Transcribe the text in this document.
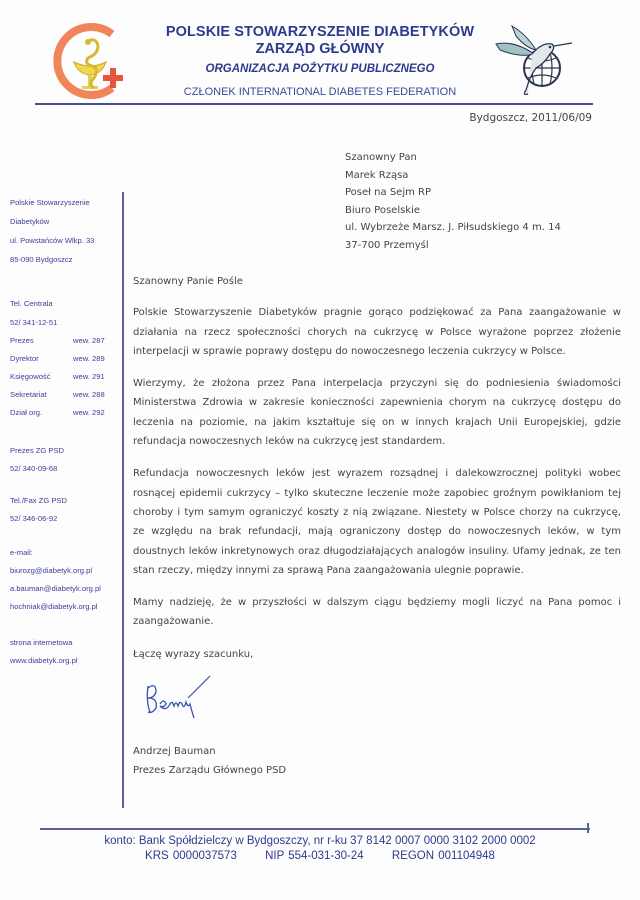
POLSKIE STOWARZYSZENIE DIABETYKÓW
ZARZĄD GŁÓWNY
ORGANIZACJA POŻYTKU PUBLICZNEGO
CZŁONEK INTERNATIONAL DIABETES FEDERATION
Bydgoszcz, 2011/06/09
Szanowny Pan
Marek Rząsa
Poseł na Sejm RP
Biuro Poselskie
ul. Wybrzeże Marsz. J. Piłsudskiego 4 m. 14
37-700 Przemyśl
Polskie Stowarzyszenie
Diabetyków
ul. Powstańców Wlkp. 33
85-090 Bydgoszcz
Tel. Centrala
52/ 341-12-51
Prezes	wew. 287
Dyrektor	wew. 289
Księgowość	wew. 291
Sekretariat	wew. 288
Dział org.	wew. 292
Prezes ZG PSD
52/ 340-09-68
Tel./Fax ZG PSD
52/ 346-06-92
e-mail:
biurozg@diabetyk.org.pl
a.bauman@diabetyk.org.pl
hochniak@diabetyk.org.pl
strona internetowa
www.diabetyk.org.pl

Szanowny Panie Pośle

Polskie Stowarzyszenie Diabetyków pragnie gorąco podziękować za Pana zaangażowanie w działania na rzecz społeczności chorych na cukrzycę w Polsce wyrażone poprzez złożenie interpelacji w sprawie poprawy dostępu do nowoczesnego leczenia cukrzycy w Polsce.

Wierzymy, że złożona przez Pana interpelacja przyczyni się do podniesienia świadomości Ministerstwa Zdrowia w zakresie konieczności zapewnienia chorym na cukrzycę dostępu do leczenia na poziomie, na jakim kształtuje się on w innych krajach Unii Europejskiej, gdzie refundacja nowoczesnych leków na cukrzycę jest standardem.

Refundacja nowoczesnych leków jest wyrazem rozsądnej i dalekowzrocznej polityki wobec rosnącej epidemii cukrzycy – tylko skuteczne leczenie może zapobiec groźnym powikłaniom tej choroby i tym samym ograniczyć koszty z nią związane. Niestety w Polsce chorzy na cukrzycę, ze względu na brak refundacji, mają ograniczony dostęp do nowoczesnych leków, w tym doustnych leków inkretynowych oraz długodziałających analogów insuliny. Ufamy jednak, ze ten stan rzeczy, między innymi za sprawą Pana zaangażowania ulegnie poprawie.

Mamy nadzieję, że w przyszłości w dalszym ciągu będziemy mogli liczyć na Pana pomoc i zaangażowanie.

Łączę wyrazy szacunku,

Andrzej Bauman
Prezes Zarządu Głównego PSD
konto: Bank Spółdzielczy w Bydgoszczy, nr r-ku 37 8142 0007 0000 3102 2000 0002
KRS 0000037573 NIP 554-031-30-24 REGON 001104948
